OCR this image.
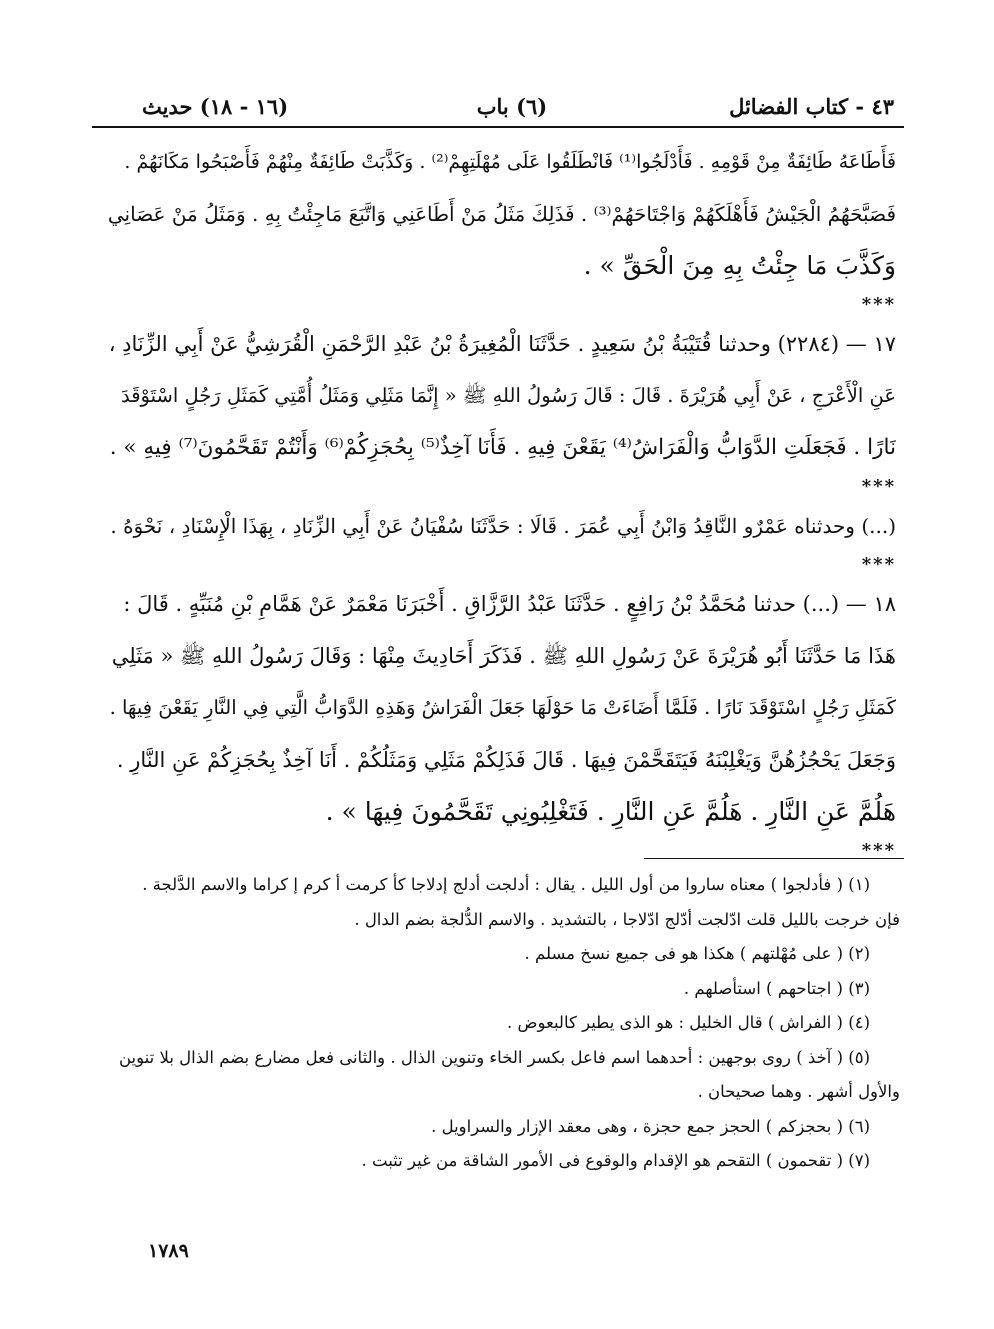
٤٣ - كتاب الفضائل
(٦) باب
(١٦ - ١٨) حديث
فَأَطَاعَهُ طَائِفَةٌ مِنْ قَوْمِهِ . فَأَدْلَجُوا⁽¹⁾ فَانْطَلَقُوا عَلَى مُهْلَتِهِمْ⁽²⁾ . وَكَذَّبَتْ طَائِفَةٌ مِنْهُمْ فَأَصْبَحُوا مَكَانَهُمْ .
فَصَبَّحَهُمُ الْجَيْشُ فَأَهْلَكَهُمْ وَاجْتَاحَهُمْ⁽³⁾ . فَذَلِكَ مَثَلُ مَنْ أَطَاعَنِي وَاتَّبَعَ مَاجِئْتُ بِهِ . وَمَثَلُ مَنْ عَصَانِي
وَكَذَّبَ مَا جِئْتُ بِهِ مِنَ الْحَقِّ » .
***
١٧ — (٢٢٨٤) وحدثنا قُتَيْبَةُ بْنُ سَعِيدٍ . حَدَّثَنَا الْمُغِيرَةُ بْنُ عَبْدِ الرَّحْمَنِ الْقُرَشِيُّ عَنْ أَبِي الزِّنَادِ ،
عَنِ الْأَعْرَجِ ، عَنْ أَبِي هُرَيْرَةَ . قَالَ : قَالَ رَسُولُ اللهِ ﷺ « إِنَّمَا مَثَلِي وَمَثَلُ أُمَّتِي كَمَثَلِ رَجُلٍ اسْتَوْقَدَ
نَارًا . فَجَعَلَتِ الدَّوَابُّ وَالْفَرَاشُ⁽⁴⁾ يَقَعْنَ فِيهِ . فَأَنَا آخِذٌ⁽⁵⁾ بِحُجَزِكُمْ⁽⁶⁾ وَأَنْتُمْ تَقَحَّمُونَ⁽⁷⁾ فِيهِ » .
***
(...) وحدثناه عَمْرٌو النَّاقِدُ وَابْنُ أَبِي عُمَرَ . قَالَا : حَدَّثَنَا سُفْيَانُ عَنْ أَبِي الزِّنَادِ ، بِهَذَا الْإِسْنَادِ ، نَحْوَهُ .
***
١٨ — (...) حدثنا مُحَمَّدُ بْنُ رَافِعٍ . حَدَّثَنَا عَبْدُ الرَّزَّاقِ . أَخْبَرَنَا مَعْمَرٌ عَنْ هَمَّامِ بْنِ مُنَبِّهٍ . قَالَ :
هَذَا مَا حَدَّثَنَا أَبُو هُرَيْرَةَ عَنْ رَسُولِ اللهِ ﷺ . فَذَكَرَ أَحَادِيثَ مِنْهَا : وَقَالَ رَسُولُ اللهِ ﷺ « مَثَلِي
كَمَثَلِ رَجُلٍ اسْتَوْقَدَ نَارًا . فَلَمَّا أَضَاءَتْ مَا حَوْلَهَا جَعَلَ الْفَرَاشُ وَهَذِهِ الدَّوَابُّ الَّتِي فِي النَّارِ يَقَعْنَ فِيهَا .
وَجَعَلَ يَحْجُزُهُنَّ وَيَغْلِبْنَهُ فَيَتَقَحَّمْنَ فِيهَا . قَالَ فَذَلِكُمْ مَثَلِي وَمَثَلُكُمْ . أَنَا آخِذٌ بِحُجَزِكُمْ عَنِ النَّارِ .
هَلُمَّ عَنِ النَّارِ . هَلُمَّ عَنِ النَّارِ . فَتَغْلِبُونِي تَقَحَّمُونَ فِيهَا » .
***
(١) ( فأدلجوا ) معناه ساروا من أول الليل . يقال : أدلجت أدلج إدلاجا كأ كرمت أ كرم إ كراما والاسم الدَّلجة .
فإن خرجت بالليل قلت ادّلجت أدّلج ادّلاجا ، بالتشديد . والاسم الدُّلجة بضم الدال .
(٢) ( على مُهْلتهم ) هكذا هو فى جميع نسخ مسلم .
(٣) ( اجتاحهم ) استأصلهم .
(٤) ( الفراش ) قال الخليل : هو الذى يطير كالبعوض .
(٥) ( آخذ ) روى بوجهين : أحدهما اسم فاعل بكسر الخاء وتنوين الذال . والثانى فعل مضارع بضم الذال بلا تنوين
والأول أشهر . وهما صحيحان .
(٦) ( بحجزكم ) الحجز جمع حجزة ، وهى معقد الإزار والسراويل .
(٧) ( تقحمون ) التقحم هو الإقدام والوقوع فى الأمور الشاقة من غير تثبت .
١٧٨٩
